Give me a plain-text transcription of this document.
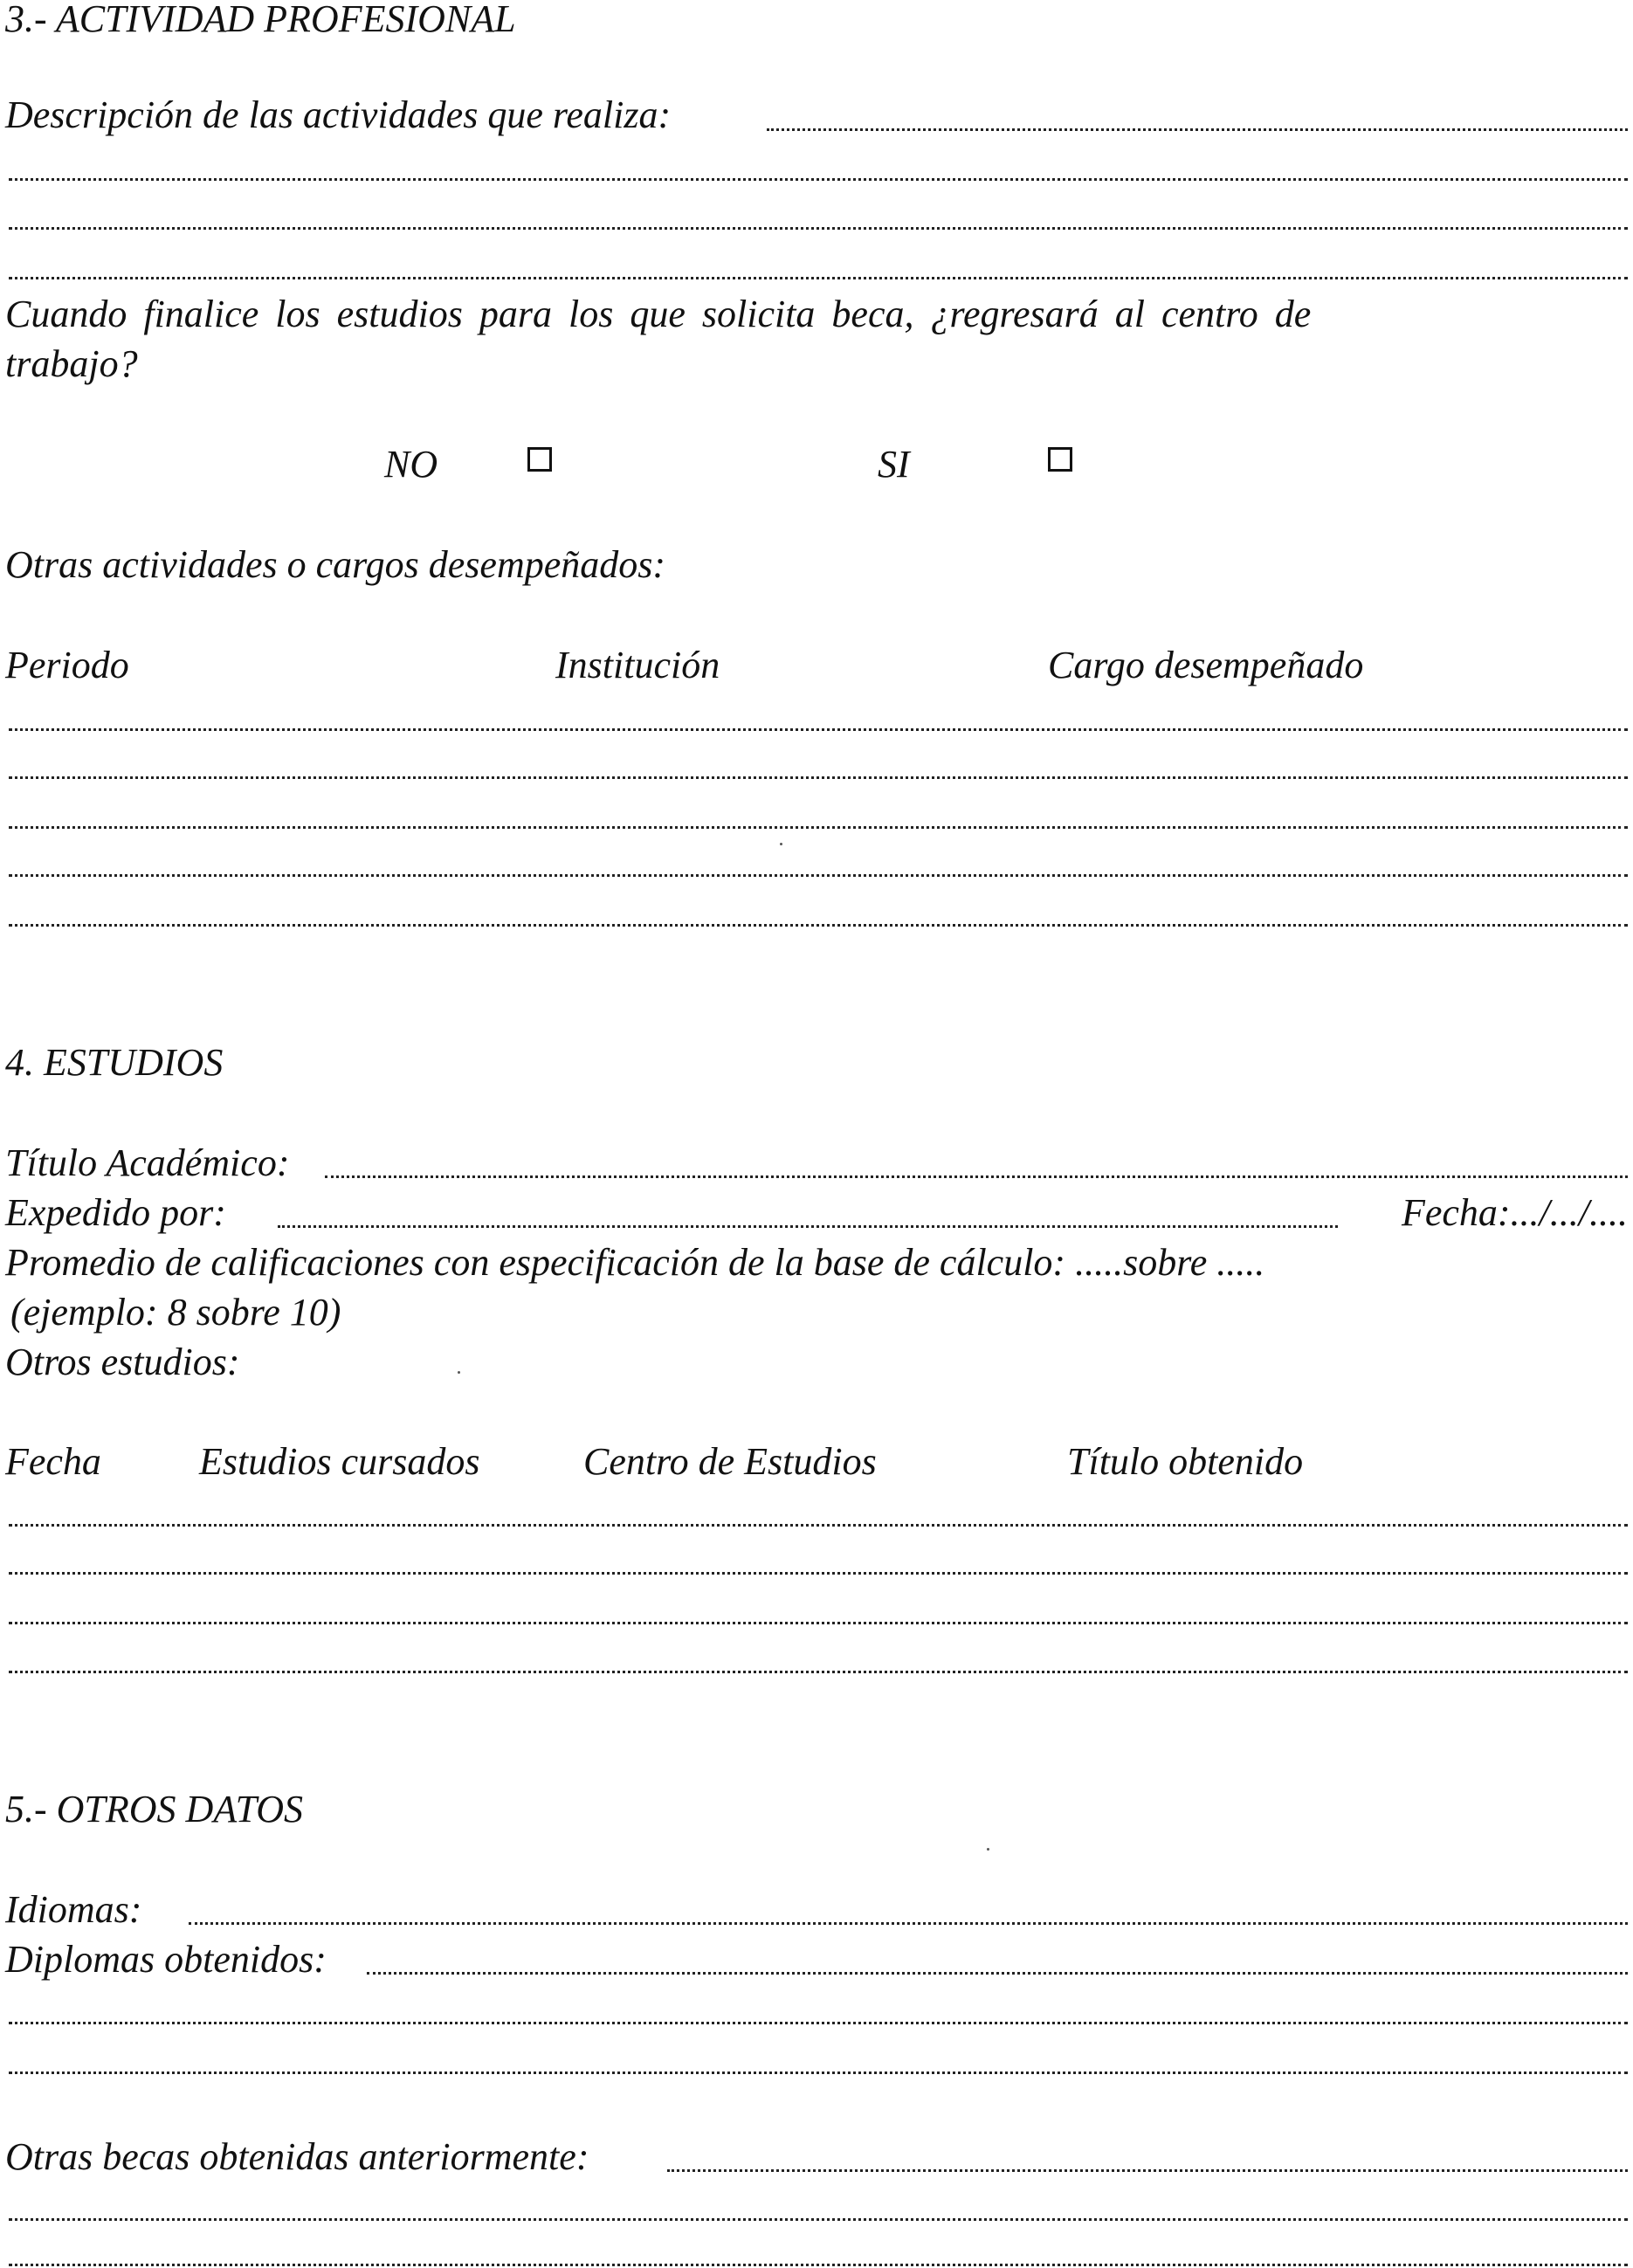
3.- ACTIVIDAD PROFESIONAL
Descripción de las actividades que realiza:
Cuando finalice los estudios para los que solicita beca, ¿regresará al centro de
trabajo?
NO	SI
Otras actividades o cargos desempeñados:
Periodo	Institución	Cargo desempeñado
4. ESTUDIOS
Título Académico:
Expedido por:	Fecha:.../.../....
Promedio de calificaciones con especificación de la base de cálculo: .....sobre .....
(ejemplo: 8 sobre 10)
Otros estudios:
Fecha	Estudios cursados	Centro de Estudios	Título obtenido
5.- OTROS DATOS
Idiomas:
Diplomas obtenidos:
Otras becas obtenidas anteriormente:
